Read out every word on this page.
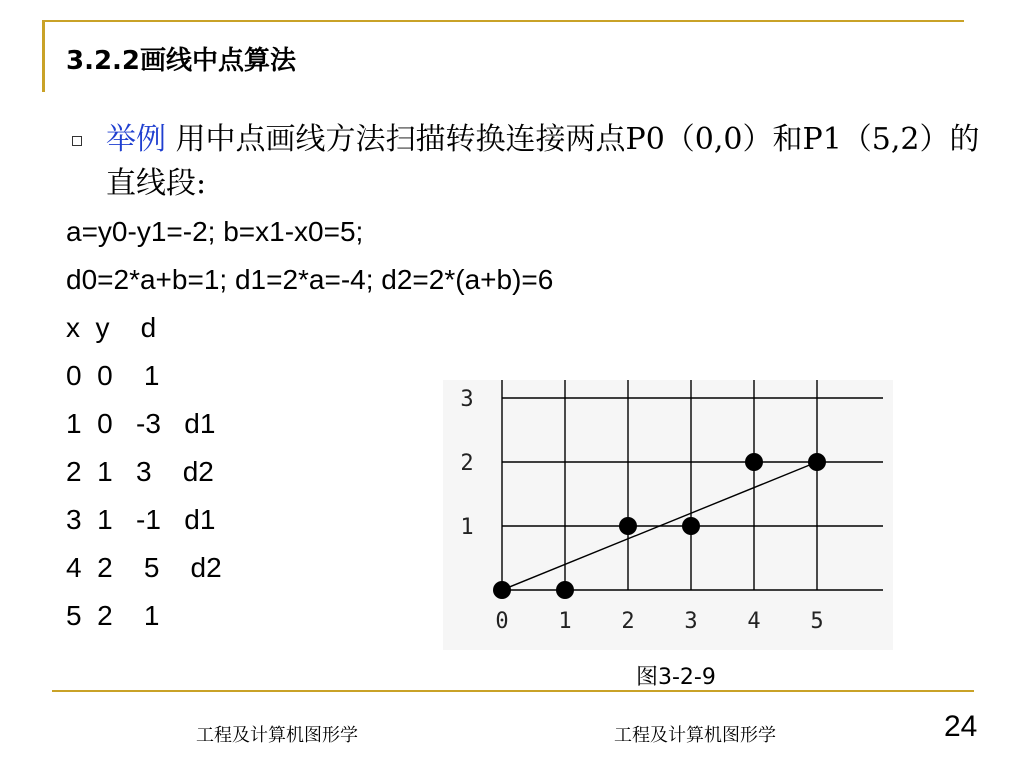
3.2.2画线中点算法
举例 用中点画线方法扫描转换连接两点P0（0,0）和P1（5,2）的直线段:
a=y0-y1=-2; b=x1-x0=5;
d0=2*a+b=1; d1=2*a=-4; d2=2*(a+b)=6
x  y    d
0  0    1
1  0   -3   d1
2  1   3    d2
3  1   -1   d1
4  2    5    d2
5  2    1	0 1 2 3 4 5
1
2
3
图3-2-9
工程及计算机图形学	工程及计算机图形学	24
